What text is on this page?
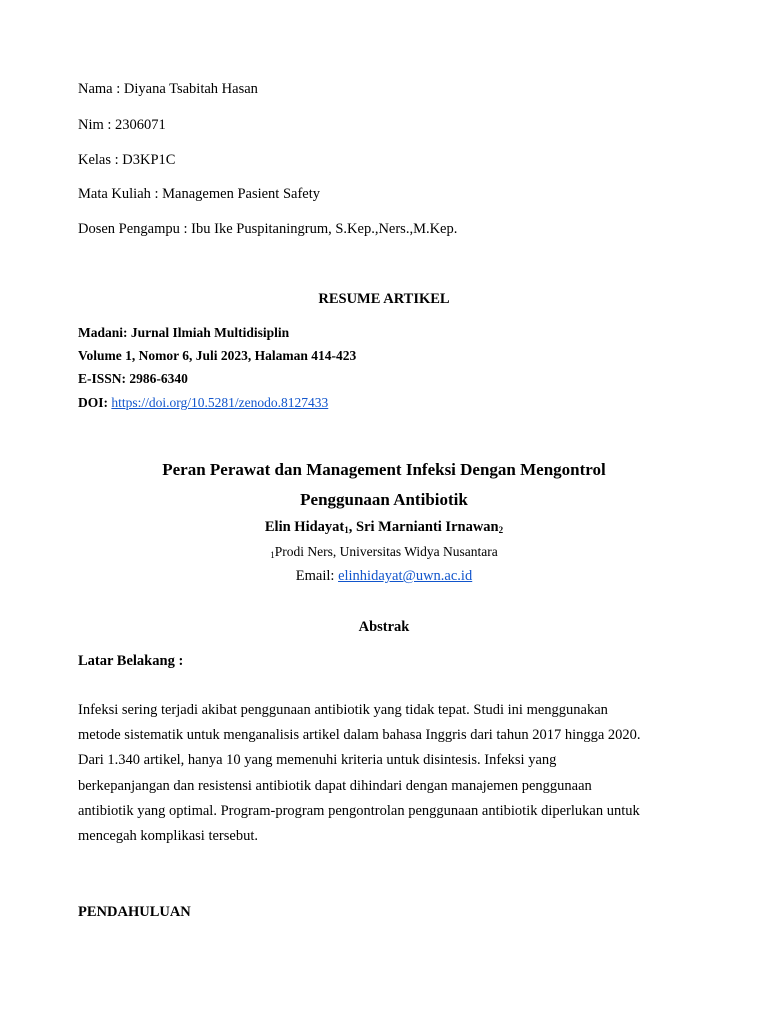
Nama : Diyana Tsabitah Hasan
Nim : 2306071
Kelas : D3KP1C
Mata Kuliah : Managemen Pasient Safety
Dosen Pengampu : Ibu Ike Puspitaningrum, S.Kep.,Ners.,M.Kep.
RESUME ARTIKEL
Madani: Jurnal Ilmiah Multidisiplin
Volume 1, Nomor 6, Juli 2023, Halaman 414-423
E-ISSN: 2986-6340
DOI: https://doi.org/10.5281/zenodo.8127433
Peran Perawat dan Management Infeksi Dengan Mengontrol
Penggunaan Antibiotik
Elin Hidayat$_1$, Sri Marnianti Irnawan$_2$
$_1$Prodi Ners, Universitas Widya Nusantara
Email: elinhidayat@uwn.ac.id
Abstrak
Latar Belakang :
Infeksi sering terjadi akibat penggunaan antibiotik yang tidak tepat. Studi ini menggunakan
metode sistematik untuk menganalisis artikel dalam bahasa Inggris dari tahun 2017 hingga 2020.
Dari 1.340 artikel, hanya 10 yang memenuhi kriteria untuk disintesis. Infeksi yang
berkepanjangan dan resistensi antibiotik dapat dihindari dengan manajemen penggunaan
antibiotik yang optimal. Program-program pengontrolan penggunaan antibiotik diperlukan untuk
mencegah komplikasi tersebut.
PENDAHULUAN
